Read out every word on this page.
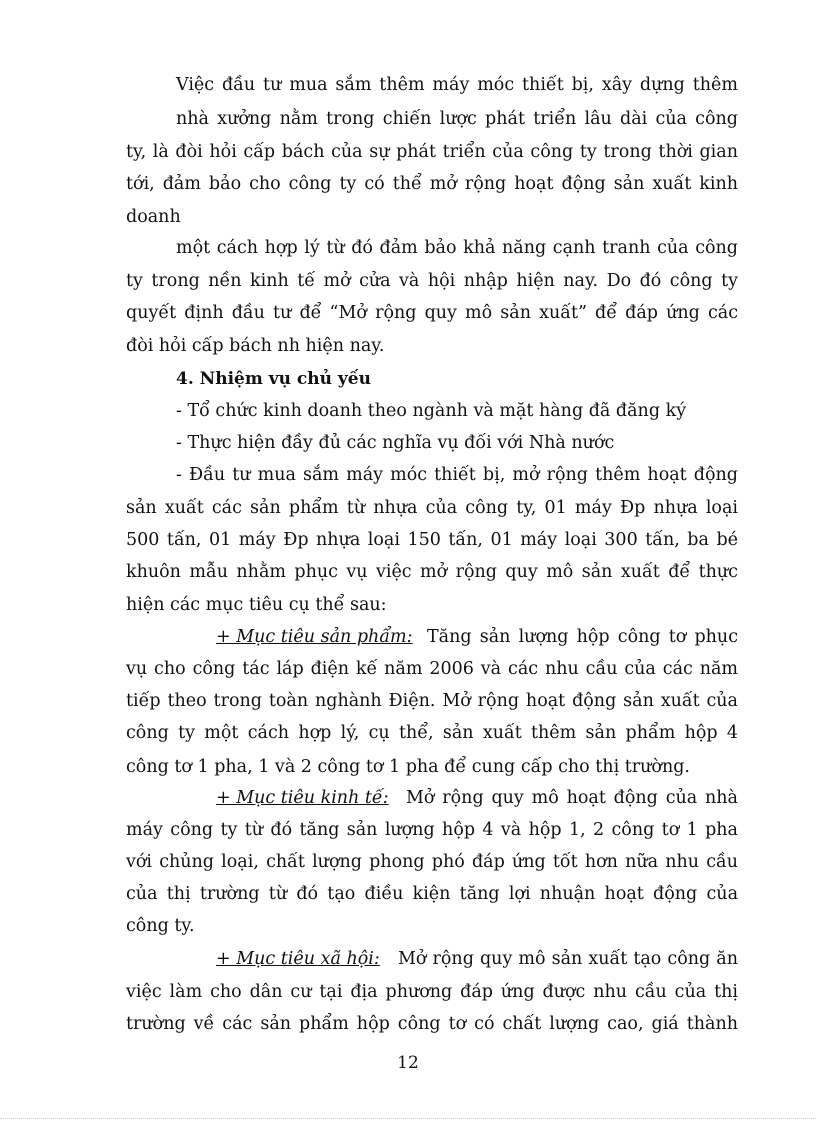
Việc đầu tư mua sắm thêm máy móc thiết bị, xây dựng thêm

nhà xưởng nằm trong chiến lược phát triển lâu dài của công

ty, là đòi hỏi cấp bách của sự phát triển của công ty trong thời gian

tới, đảm bảo cho công ty có thể mở rộng hoạt động sản xuất kinh

doanh

một cách hợp lý từ đó đảm bảo khả năng cạnh tranh của công

ty trong nền kinh tế mở cửa và hội nhập hiện nay. Do đó công ty

quyết định đầu tư để “Mở rộng quy mô sản xuất” để đáp ứng các

đòi hỏi cấp bách nh hiện nay.

4. Nhiệm vụ chủ yếu

- Tổ chức kinh doanh theo ngành và mặt hàng đã đăng ký

- Thực hiện đầy đủ các nghĩa vụ đối với Nhà nước

- Đầu tư mua sắm máy móc thiết bị, mở rộng thêm hoạt động

sản xuất các sản phẩm từ nhựa của công ty, 01 máy Đp nhựa loại

500 tấn, 01 máy Đp nhựa loại 150 tấn, 01 máy loại 300 tấn, ba bé

khuôn mẫu nhằm phục vụ việc mở rộng quy mô sản xuất để thực

hiện các mục tiêu cụ thể sau:

+ Mục tiêu sản phẩm: Tăng sản lượng hộp công tơ phục

vụ cho công tác láp điện kế năm 2006 và các nhu cầu của các năm

tiếp theo trong toàn nghành Điện. Mở rộng hoạt động sản xuất của

công ty một cách hợp lý, cụ thể, sản xuất thêm sản phẩm hộp 4

công tơ 1 pha, 1 và 2 công tơ 1 pha để cung cấp cho thị trường.

+ Mục tiêu kinh tế: Mở rộng quy mô hoạt động của nhà

máy công ty từ đó tăng sản lượng hộp 4 và hộp 1, 2 công tơ 1 pha

với chủng loại, chất lượng phong phó đáp ứng tốt hơn nữa nhu cầu

của thị trường từ đó tạo điều kiện tăng lợi nhuận hoạt động của

công ty.

+ Mục tiêu xã hội: Mở rộng quy mô sản xuất tạo công ăn

việc làm cho dân cư tại địa phương đáp ứng được nhu cầu của thị

trường về các sản phẩm hộp công tơ có chất lượng cao, giá thành

12
